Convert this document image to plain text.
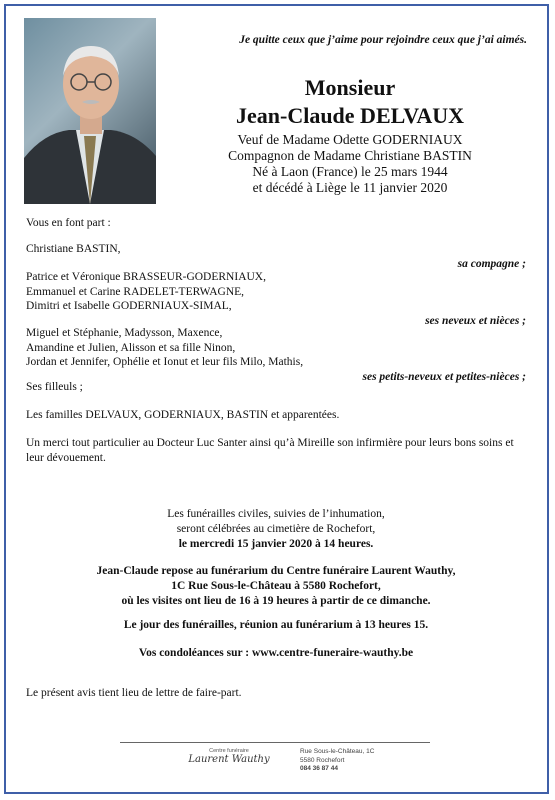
Je quitte ceux que j’aime pour rejoindre ceux que j’ai aimés.
Monsieur
Jean-Claude DELVAUX
Veuf de Madame Odette GODERNIAUX
Compagnon de Madame Christiane BASTIN
Né à Laon (France) le 25 mars 1944
et décédé à Liège le 11 janvier 2020
Vous en font part :
Christiane BASTIN,
sa compagne ;
Patrice et Véronique BRASSEUR-GODERNIAUX,
Emmanuel et Carine RADELET-TERWAGNE,
Dimitri et Isabelle GODERNIAUX-SIMAL,
ses neveux et nièces ;
Miguel et Stéphanie, Madysson, Maxence,
Amandine et Julien, Alisson et sa fille Ninon,
Jordan et Jennifer, Ophélie et Ionut et leur fils Milo, Mathis,
ses petits-neveux et petites-nièces ;
Ses filleuls ;
Les familles DELVAUX, GODERNIAUX, BASTIN et apparentées.
Un merci tout particulier au Docteur Luc Santer ainsi qu’à Mireille son infirmière pour leurs bons soins et leur dévouement.
Les funérailles civiles, suivies de l’inhumation,
seront célébrées au cimetière de Rochefort,
le mercredi 15 janvier 2020 à 14 heures.
Jean-Claude repose au funérarium du Centre funéraire Laurent Wauthy,
1C Rue Sous-le-Château à 5580 Rochefort,
où les visites ont lieu de 16 à 19 heures à partir de ce dimanche.
Le jour des funérailles, réunion au funérarium à 13 heures 15.
Vos condoléances sur : www.centre-funeraire-wauthy.be
Le présent avis tient lieu de lettre de faire-part.
Centre funéraire
Laurent Wauthy
Rue Sous-le-Château, 1C
5580 Rochefort
084 36 87 44
